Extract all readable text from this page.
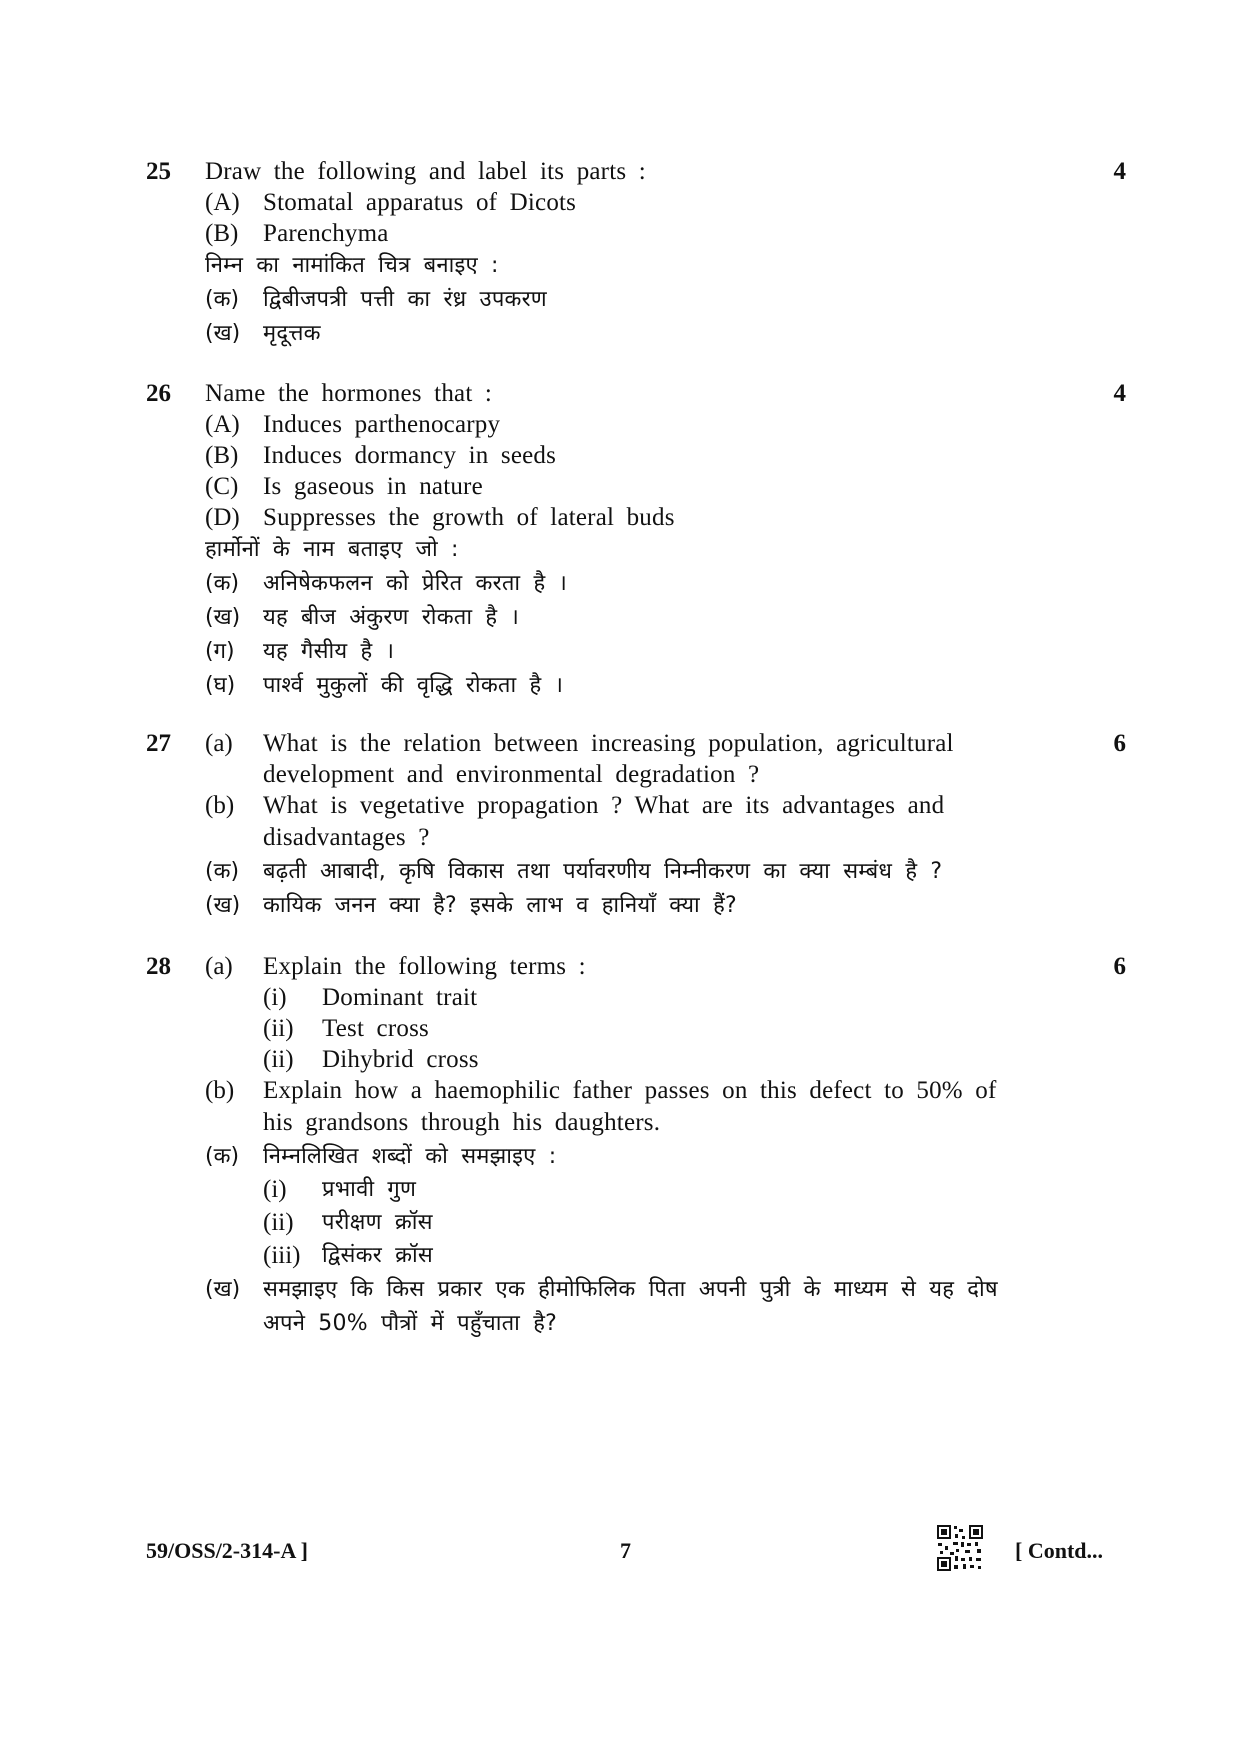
25	4
Draw the following and label its parts :
(A) Stomatal apparatus of Dicots
(B) Parenchyma
निम्न का नामांकित चित्र बनाइए :
(क) द्विबीजपत्री पत्ती का रंध्र उपकरण
(ख) मृदूत्तक
26	4
Name the hormones that :
(A) Induces parthenocarpy
(B) Induces dormancy in seeds
(C) Is gaseous in nature
(D) Suppresses the growth of lateral buds
हार्मोनों के नाम बताइए जो :
(क) अनिषेकफलन को प्रेरित करता है ।
(ख) यह बीज अंकुरण रोकता है ।
(ग) यह गैसीय है ।
(घ) पार्श्व मुकुलों की वृद्धि रोकता है ।
27	6
(a) What is the relation between increasing population, agricultural
development and environmental degradation ?
(b) What is vegetative propagation ? What are its advantages and
disadvantages ?
(क) बढ़ती आबादी, कृषि विकास तथा पर्यावरणीय निम्नीकरण का क्या सम्बंध है ?
(ख) कायिक जनन क्या है? इसके लाभ व हानियाँ क्या हैं?
28	6
(a) Explain the following terms :
(i) Dominant trait
(ii) Test cross
(ii) Dihybrid cross
(b) Explain how a haemophilic father passes on this defect to 50% of
his grandsons through his daughters.
(क) निम्नलिखित शब्दों को समझाइए :
(i) प्रभावी गुण
(ii) परीक्षण क्रॉस
(iii) द्विसंकर क्रॉस
(ख) समझाइए कि किस प्रकार एक हीमोफिलिक पिता अपनी पुत्री के माध्यम से यह दोष
अपने 50% पौत्रों में पहुँचाता है?
59/OSS/2-314-A ]	7	[ Contd...
